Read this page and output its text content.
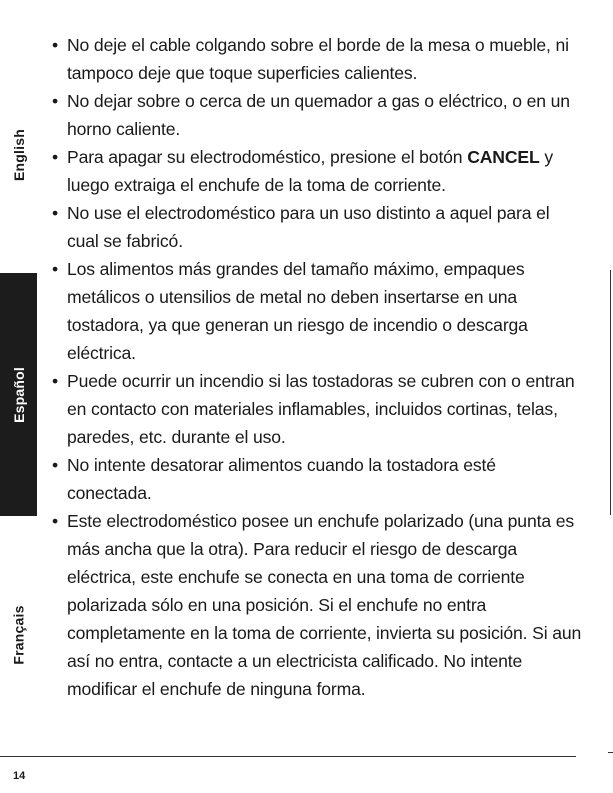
English
Español
Français
• No deje el cable colgando sobre el borde de la mesa o mueble, ni tampoco deje que toque superficies calientes.
• No dejar sobre o cerca de un quemador a gas o eléctrico, o en un horno caliente.
• Para apagar su electrodoméstico, presione el botón CANCEL y luego extraiga el enchufe de la toma de corriente.
• No use el electrodoméstico para un uso distinto a aquel para el cual se fabricó.
• Los alimentos más grandes del tamaño máximo, empaques metálicos o utensilios de metal no deben insertarse en una tostadora, ya que generan un riesgo de incendio o descarga eléctrica.
• Puede ocurrir un incendio si las tostadoras se cubren con o entran en contacto con materiales inflamables, incluidos cortinas, telas, paredes, etc. durante el uso.
• No intente desatorar alimentos cuando la tostadora esté conectada.
• Este electrodoméstico posee un enchufe polarizado (una punta es más ancha que la otra). Para reducir el riesgo de descarga eléctrica, este enchufe se conecta en una toma de corriente polarizada sólo en una posición. Si el enchufe no entra completamente en la toma de corriente, invierta su posición. Si aun así no entra, contacte a un electricista calificado. No intente modificar el enchufe de ninguna forma.
14
